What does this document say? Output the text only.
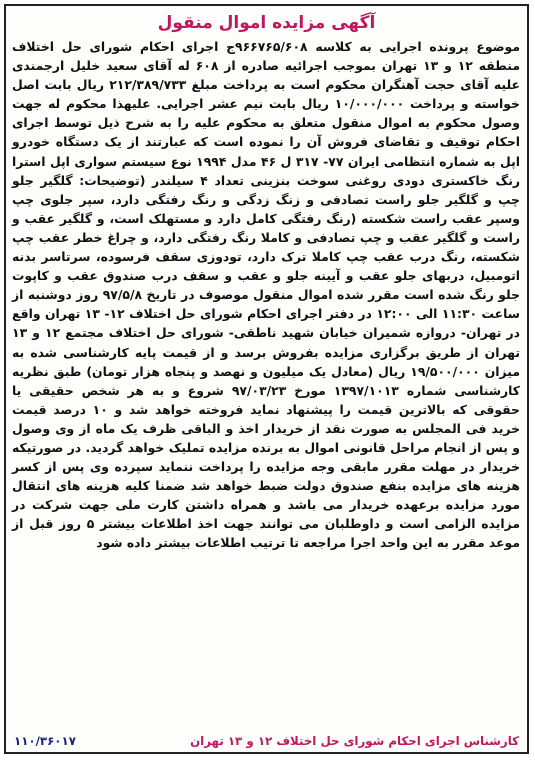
آگهی مزایده اموال منقول
موضوع پرونده اجرایی به کلاسه ۹۶۶۷۶۵/۶۰۸ج اجرای احکام شورای حل اختلاف منطقه ۱۲ و ۱۳ تهران بموجب اجرائیه صادره از ۶۰۸ له آقای سعید خلیل ارجمندی علیه آقای حجت آهنگران محکوم است به پرداخت مبلغ ۲۱۲/۳۸۹/۷۳۳ ریال بابت اصل خواسته و پرداخت ۱۰/۰۰۰/۰۰۰ ریال بابت نیم عشر اجرایی. علیهذا محکوم له جهت وصول محکوم به اموال منقول متعلق به محکوم علیه را به شرح ذیل توسط اجرای احکام توقیف و تقاضای فروش آن را نموده است که عبارتند از یک دستگاه خودرو اپل به شماره انتظامی ایران ۷۷- ۳۱۷ ل ۴۶ مدل ۱۹۹۴ نوع سیستم سواری اپل استرا رنگ خاکستری دودی روغنی سوخت بنزینی تعداد ۴ سیلندر (توضیحات: گلگیر جلو چپ و گلگیر جلو راست تصادفی و زنگ زدگی و رنگ رفتگی دارد، سپر جلوی چپ وسپر عقب راست شکسته (رنگ رفتگی کامل دارد و مستهلک است، و گلگیر عقب و راست و گلگیر عقب و چپ تصادفی و کاملا رنگ رفتگی دارد، و چراغ خطر عقب چپ شکسته، رنگ درب عقب چپ کاملا ترک دارد، تودوزی سقف فرسوده، سرتاسر بدنه اتومبیل، دربهای جلو عقب و آیینه جلو و عقب و سقف درب صندوق عقب و کاپوت جلو رنگ شده است مقرر شده اموال منقول موصوف در تاریخ ۹۷/۵/۸ روز دوشنبه از ساعت ۱۱:۳۰ الی ۱۲:۰۰ در دفتر اجرای احکام شورای حل اختلاف ۱۲- ۱۳ تهران واقع در تهران- دروازه شمیران خیابان شهید ناطقی- شورای حل اختلاف مجتمع ۱۲ و ۱۳ تهران از طریق برگزاری مزایده بفروش برسد و از قیمت پایه کارشناسی شده به میزان ۱۹/۵۰۰/۰۰۰ ریال (معادل یک میلیون و نهصد و پنجاه هزار تومان) طبق نظریه کارشناسی شماره ۱۳۹۷/۱۰۱۳ مورخ ۹۷/۰۳/۲۳ شروع و به هر شخص حقیقی یا حقوقی که بالاترین قیمت را پیشنهاد نماید فروخته خواهد شد و ۱۰ درصد قیمت خرید فی المجلس به صورت نقد از خریدار اخذ و الباقی ظرف یک ماه از وی وصول و پس از انجام مراحل قانونی اموال به برنده مزایده تملیک خواهد گردید. در صورتیکه خریدار در مهلت مقرر مابقی وجه مزایده را پرداخت ننماید سپرده وی پس از کسر هزینه های مزایده بنفع صندوق دولت ضبط خواهد شد ضمنا کلیه هزینه های انتقال مورد مزایده برعهده خریدار می باشد و همراه داشتن کارت ملی جهت شرکت در مزایده الزامی است و داوطلبان می توانند جهت اخذ اطلاعات بیشتر ۵ روز قبل از موعد مقرر به این واحد اجرا مراجعه تا ترتیب اطلاعات بیشتر داده شود
کارشناس اجرای احکام شورای حل اختلاف ۱۲ و ۱۳ تهران
۱۱۰/۳۶۰۱۷
